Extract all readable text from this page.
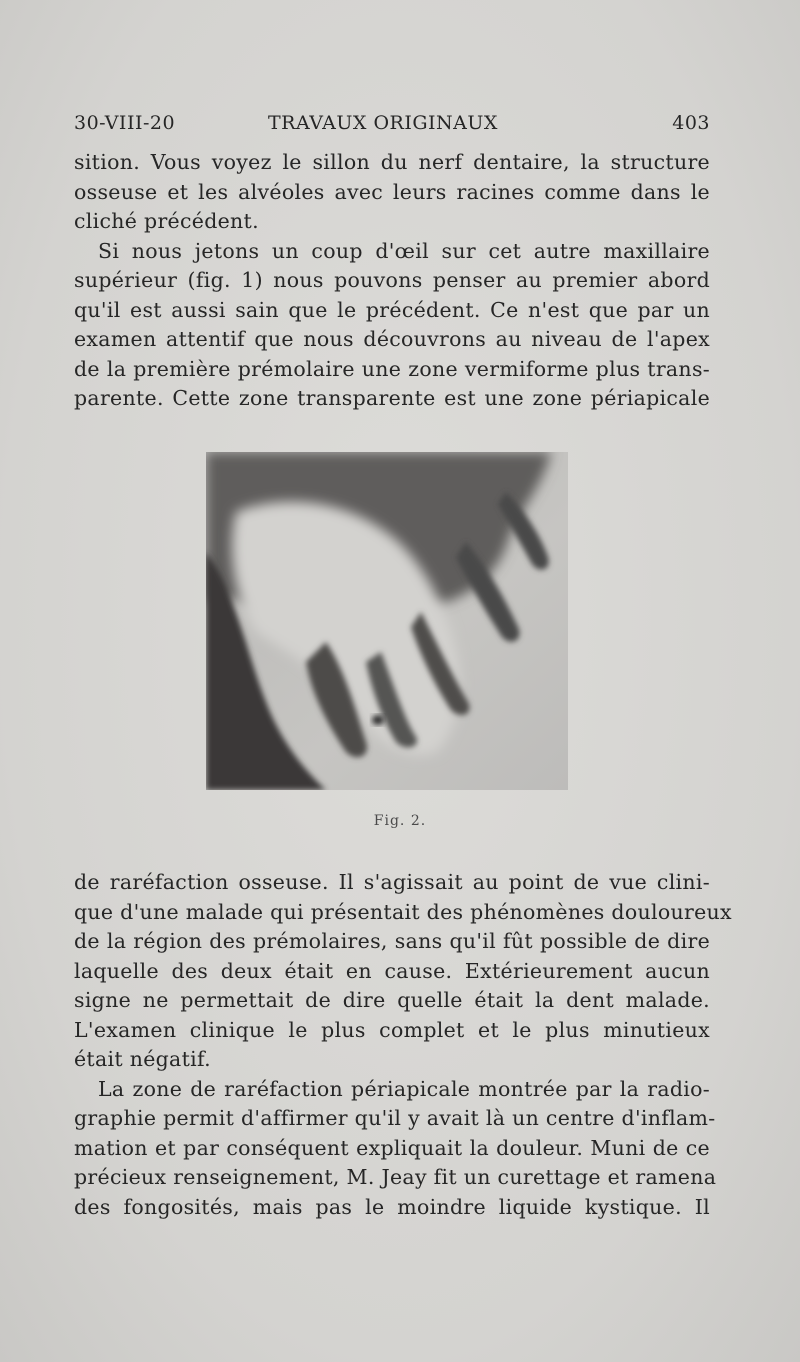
30-VIII-20	TRAVAUX ORIGINAUX	403
sition. Vous voyez le sillon du nerf dentaire, la structure
osseuse et les alvéoles avec leurs racines comme dans le
cliché précédent.
Si nous jetons un coup d'œil sur cet autre maxillaire
supérieur (fig. 1) nous pouvons penser au premier abord
qu'il est aussi sain que le précédent. Ce n'est que par un
examen attentif que nous découvrons au niveau de l'apex
de la première prémolaire une zone vermiforme plus trans-
parente. Cette zone transparente est une zone périapicale
Fig. 2.
de raréfaction osseuse. Il s'agissait au point de vue clini-
que d'une malade qui présentait des phénomènes douloureux
de la région des prémolaires, sans qu'il fût possible de dire
laquelle des deux était en cause. Extérieurement aucun
signe ne permettait de dire quelle était la dent malade.
L'examen clinique le plus complet et le plus minutieux
était négatif.
La zone de raréfaction périapicale montrée par la radio-
graphie permit d'affirmer qu'il y avait là un centre d'inflam-
mation et par conséquent expliquait la douleur. Muni de ce
précieux renseignement, M. Jeay fit un curettage et ramena
des fongosités, mais pas le moindre liquide kystique. Il
